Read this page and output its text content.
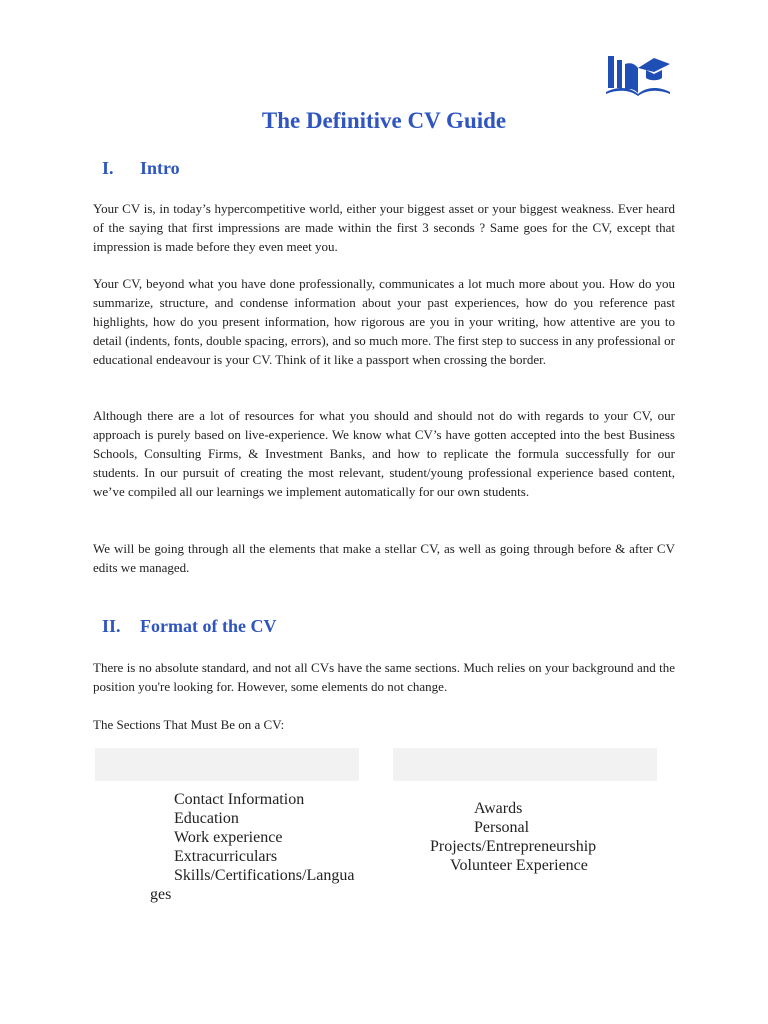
The Definitive CV Guide
I. Intro

Your CV is, in today’s hypercompetitive world, either your biggest asset or your biggest weakness. Ever heard of the saying that first impressions are made within the first 3 seconds ? Same goes for the CV, except that impression is made before they even meet you.

Your CV, beyond what you have done professionally, communicates a lot much more about you. How do you summarize, structure, and condense information about your past experiences, how do you reference past highlights, how do you present information, how rigorous are you in your writing, how attentive are you to detail (indents, fonts, double spacing, errors), and so much more. The first step to success in any professional or educational endeavour is your CV. Think of it like a passport when crossing the border.

Although there are a lot of resources for what you should and should not do with regards to your CV, our approach is purely based on live-experience. We know what CV’s have gotten accepted into the best Business Schools, Consulting Firms, & Investment Banks, and how to replicate the formula successfully for our students. In our pursuit of creating the most relevant, student/young professional experience based content, we’ve compiled all our learnings we implement automatically for our own students.

We will be going through all the elements that make a stellar CV, as well as going through before & after CV edits we managed.

II. Format of the CV

There is no absolute standard, and not all CVs have the same sections. Much relies on your background and the position you're looking for. However, some elements do not change.

The Sections That Must Be on a CV:

Contact Information
Education
Work experience
Extracurriculars
Skills/Certifications/Languages
Awards
Personal
Projects/Entrepreneurship
Volunteer Experience
